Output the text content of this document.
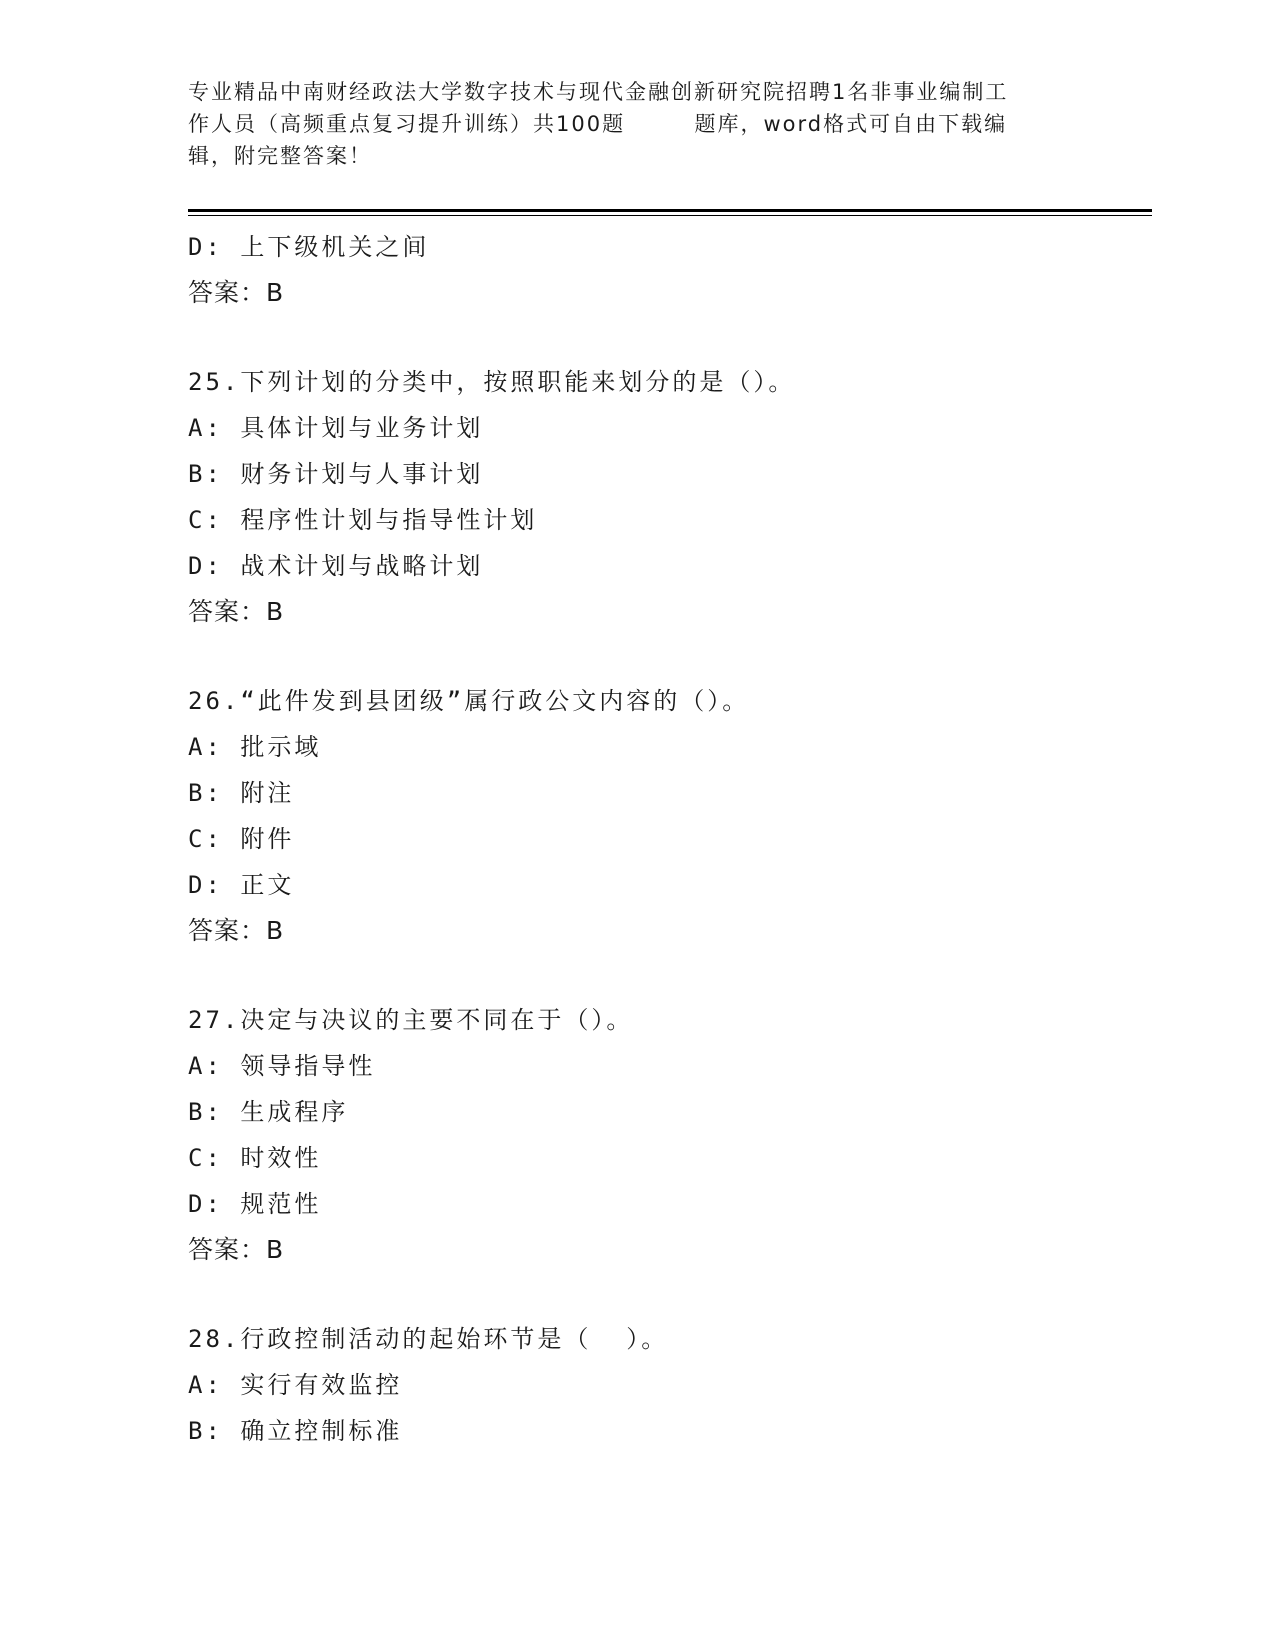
专业精品中南财经政法大学数字技术与现代金融创新研究院招聘1名非事业编制工
作人员（高频重点复习提升训练）共100题        题库，word格式可自由下载编
辑，附完整答案！
D: 上下级机关之间
答案：B
25.下列计划的分类中，按照职能来划分的是（）。
A: 具体计划与业务计划
B: 财务计划与人事计划
C: 程序性计划与指导性计划
D: 战术计划与战略计划
答案：B
26.“此件发到县团级”属行政公文内容的（）。
A: 批示域
B: 附注
C: 附件
D: 正文
答案：B
27.决定与决议的主要不同在于（）。
A: 领导指导性
B: 生成程序
C: 时效性
D: 规范性
答案：B
28.行政控制活动的起始环节是（  ）。
A: 实行有效监控
B: 确立控制标准
